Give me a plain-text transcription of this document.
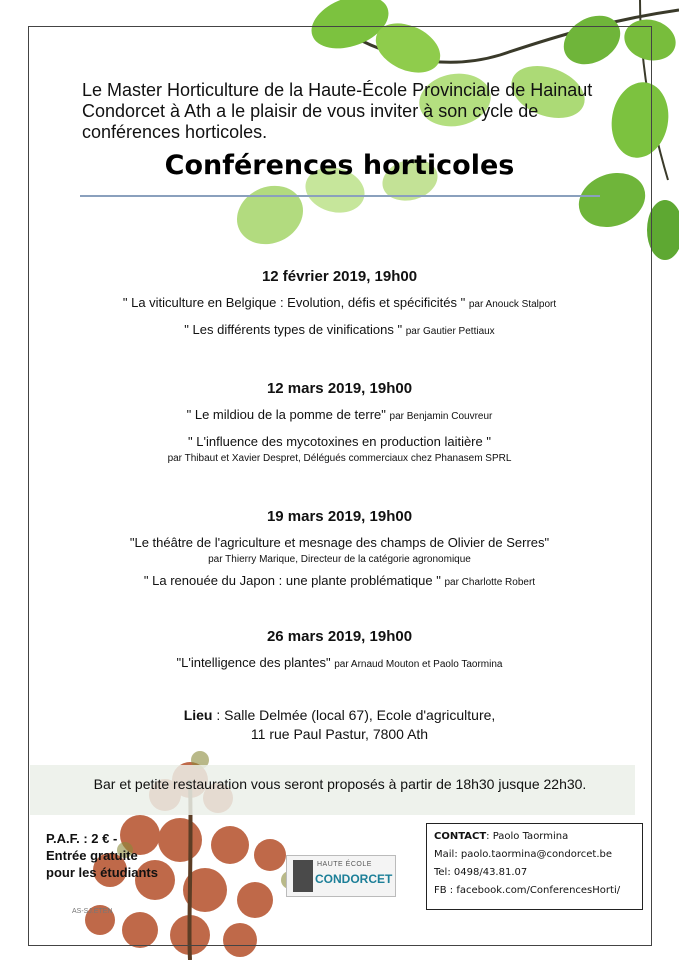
Le Master Horticulture de la Haute-École Provinciale de Hainaut Condorcet à Ath a le plaisir de vous inviter à son cycle de conférences horticoles.
Conférences horticoles
12 février 2019, 19h00
" La viticulture en Belgique : Evolution, défis et spécificités " par Anouck Stalport
" Les différents types de vinifications " par Gautier Pettiaux
12 mars 2019, 19h00
" Le mildiou de la pomme de terre" par Benjamin Couvreur
" L'influence des mycotoxines en production laitière "
par Thibaut et Xavier Despret, Délégués commerciaux chez Phanasem SPRL
19 mars 2019, 19h00
"Le théâtre de l'agriculture et mesnage des champs de Olivier de Serres"
par Thierry Marique, Directeur de la catégorie agronomique
" La renouée du Japon : une plante problématique " par Charlotte Robert
26 mars 2019, 19h00
"L'intelligence des plantes" par Arnaud Mouton et Paolo Taormina
Lieu : Salle Delmée (local 67), Ecole d'agriculture,
11 rue Paul Pastur, 7800 Ath
Bar et petite restauration vous seront proposés à partir de 18h30 jusque 22h30.
P.A.F. : 2 € -
Entrée gratuite
pour les étudiants
HAUTE ÉCOLE
CONDORCET
CONTACT: Paolo Taormina
Mail: paolo.taormina@condorcet.be
Tel: 0498/43.81.07
FB : facebook.com/ConferencesHorti/
AS-SJ.ETEN
